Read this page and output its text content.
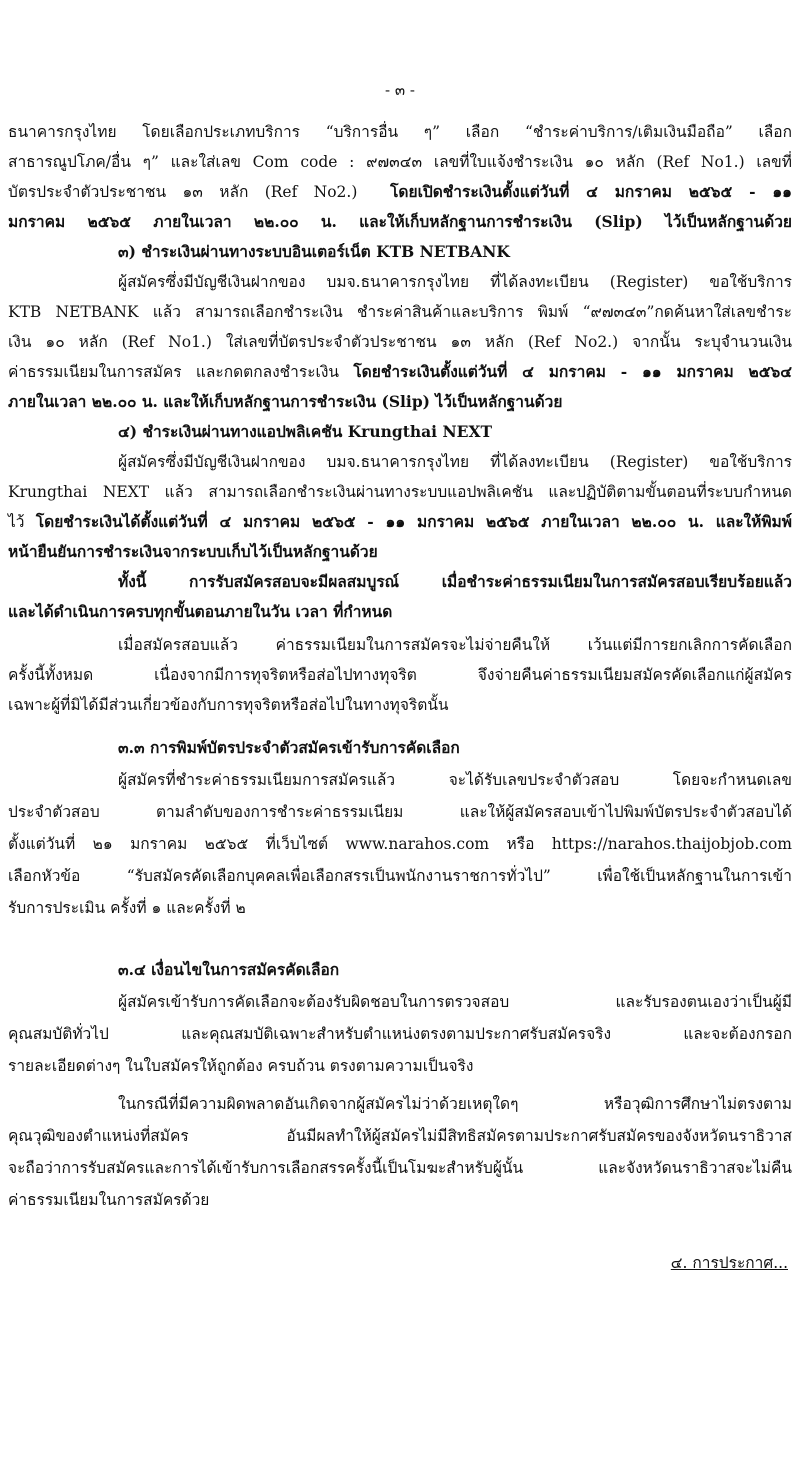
- ๓ -
ธนาคารกรุงไทย โดยเลือกประเภทบริการ “บริการอื่น ๆ” เลือก “ชำระค่าบริการ/เติมเงินมือถือ” เลือก
สาธารณูปโภค/อื่น ๆ” และใส่เลข Com code : ๙๗๓๔๓ เลขที่ใบแจ้งชำระเงิน ๑๐ หลัก (Ref No1.) เลขที่
บัตรประจำตัวประชาชน ๑๓ หลัก (Ref No2.) โดยเปิดชำระเงินตั้งแต่วันที่ ๔ มกราคม ๒๕๖๕ - ๑๑
มกราคม ๒๕๖๕ ภายในเวลา ๒๒.๐๐ น. และให้เก็บหลักฐานการชำระเงิน (Slip) ไว้เป็นหลักฐานด้วย
๓) ชำระเงินผ่านทางระบบอินเตอร์เน็ต KTB NETBANK
ผู้สมัครซึ่งมีบัญชีเงินฝากของ บมจ.ธนาคารกรุงไทย ที่ได้ลงทะเบียน (Register) ขอใช้บริการ
KTB NETBANK แล้ว สามารถเลือกชำระเงิน ชำระค่าสินค้าและบริการ พิมพ์ “๙๗๓๔๓”กดค้นหาใส่เลขชำระ
เงิน ๑๐ หลัก (Ref No1.) ใส่เลขที่บัตรประจำตัวประชาชน ๑๓ หลัก (Ref No2.) จากนั้น ระบุจำนวนเงิน
ค่าธรรมเนียมในการสมัคร และกดตกลงชำระเงิน โดยชำระเงินตั้งแต่วันที่ ๔ มกราคม - ๑๑ มกราคม ๒๕๖๔
ภายในเวลา ๒๒.๐๐ น. และให้เก็บหลักฐานการชำระเงิน (Slip) ไว้เป็นหลักฐานด้วย
๔) ชำระเงินผ่านทางแอปพลิเคชัน Krungthai NEXT
ผู้สมัครซึ่งมีบัญชีเงินฝากของ บมจ.ธนาคารกรุงไทย ที่ได้ลงทะเบียน (Register) ขอใช้บริการ
Krungthai NEXT แล้ว สามารถเลือกชำระเงินผ่านทางระบบแอปพลิเคชัน และปฏิบัติตามขั้นตอนที่ระบบกำหนด
ไว้ โดยชำระเงินได้ตั้งแต่วันที่ ๔ มกราคม ๒๕๖๕ - ๑๑ มกราคม ๒๕๖๕ ภายในเวลา ๒๒.๐๐ น. และให้พิมพ์
หน้ายืนยันการชำระเงินจากระบบเก็บไว้เป็นหลักฐานด้วย
ทั้งนี้ การรับสมัครสอบจะมีผลสมบูรณ์ เมื่อชำระค่าธรรมเนียมในการสมัครสอบเรียบร้อยแล้ว
และได้ดำเนินการครบทุกขั้นตอนภายในวัน เวลา ที่กำหนด
เมื่อสมัครสอบแล้ว ค่าธรรมเนียมในการสมัครจะไม่จ่ายคืนให้ เว้นแต่มีการยกเลิกการคัดเลือก
ครั้งนี้ทั้งหมด เนื่องจากมีการทุจริตหรือส่อไปทางทุจริต จึงจ่ายคืนค่าธรรมเนียมสมัครคัดเลือกแก่ผู้สมัคร
เฉพาะผู้ที่มิได้มีส่วนเกี่ยวข้องกับการทุจริตหรือส่อไปในทางทุจริตนั้น
๓.๓ การพิมพ์บัตรประจำตัวสมัครเข้ารับการคัดเลือก
ผู้สมัครที่ชำระค่าธรรมเนียมการสมัครแล้ว จะได้รับเลขประจำตัวสอบ โดยจะกำหนดเลข
ประจำตัวสอบ ตามลำดับของการชำระค่าธรรมเนียม และให้ผู้สมัครสอบเข้าไปพิมพ์บัตรประจำตัวสอบได้
ตั้งแต่วันที่ ๒๑ มกราคม ๒๕๖๕ ที่เว็บไซต์ www.narahos.com หรือ https://narahos.thaijobjob.com
เลือกหัวข้อ “รับสมัครคัดเลือกบุคคลเพื่อเลือกสรรเป็นพนักงานราชการทั่วไป” เพื่อใช้เป็นหลักฐานในการเข้า
รับการประเมิน ครั้งที่ ๑ และครั้งที่ ๒
๓.๔ เงื่อนไขในการสมัครคัดเลือก
ผู้สมัครเข้ารับการคัดเลือกจะต้องรับผิดชอบในการตรวจสอบ และรับรองตนเองว่าเป็นผู้มี
คุณสมบัติทั่วไป และคุณสมบัติเฉพาะสำหรับตำแหน่งตรงตามประกาศรับสมัครจริง และจะต้องกรอก
รายละเอียดต่างๆ ในใบสมัครให้ถูกต้อง ครบถ้วน ตรงตามความเป็นจริง
ในกรณีที่มีความผิดพลาดอันเกิดจากผู้สมัครไม่ว่าด้วยเหตุใดๆ หรือวุฒิการศึกษาไม่ตรงตาม
คุณวุฒิของตำแหน่งที่สมัคร อันมีผลทำให้ผู้สมัครไม่มีสิทธิสมัครตามประกาศรับสมัครของจังหวัดนราธิวาส
จะถือว่าการรับสมัครและการได้เข้ารับการเลือกสรรครั้งนี้เป็นโมฆะสำหรับผู้นั้น และจังหวัดนราธิวาสจะไม่คืน
ค่าธรรมเนียมในการสมัครด้วย
๔. การประกาศ...
